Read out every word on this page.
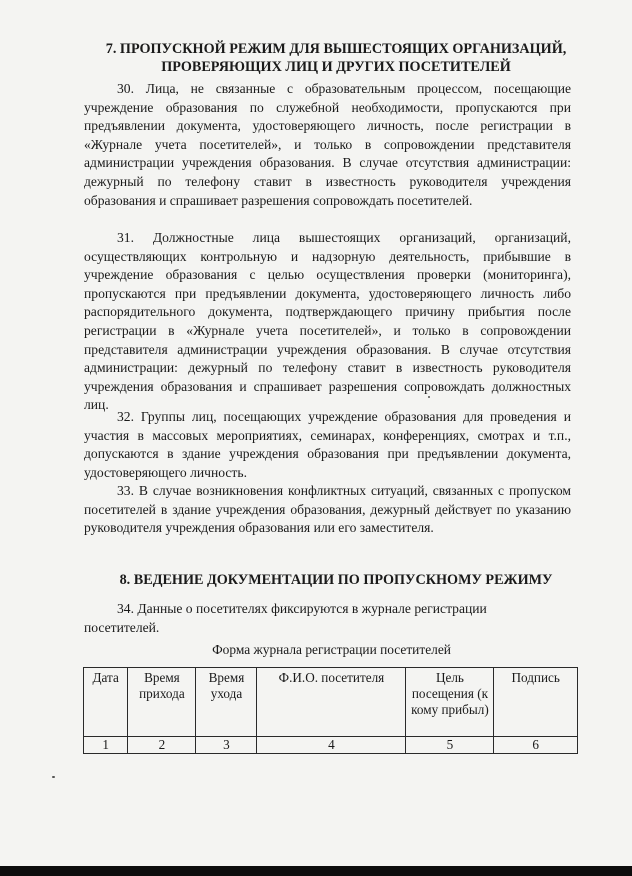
7. ПРОПУСКНОЙ РЕЖИМ ДЛЯ ВЫШЕСТОЯЩИХ ОРГАНИЗАЦИЙ,
ПРОВЕРЯЮЩИХ ЛИЦ И ДРУГИХ ПОСЕТИТЕЛЕЙ

30. Лица, не связанные с образовательным процессом, посещающие учреждение образования по служебной необходимости, пропускаются при предъявлении документа, удостоверяющего личность, после регистрации в «Журнале учета посетителей», и только в сопровождении представителя администрации учреждения образования. В случае отсутствия администрации: дежурный по телефону ставит в известность руководителя учреждения образования и спрашивает разрешения сопровождать посетителей.

31. Должностные лица вышестоящих организаций, организаций, осуществляющих контрольную и надзорную деятельность, прибывшие в учреждение образования с целью осуществления проверки (мониторинга), пропускаются при предъявлении документа, удостоверяющего личность либо распорядительного документа, подтверждающего причину прибытия после регистрации в «Журнале учета посетителей», и только в сопровождении представителя администрации учреждения образования. В случае отсутствия администрации: дежурный по телефону ставит в известность руководителя учреждения образования и спрашивает разрешения сопровождать должностных лиц.

32. Группы лиц, посещающих учреждение образования для проведения и участия в массовых мероприятиях, семинарах, конференциях, смотрах и т.п., допускаются в здание учреждения образования при предъявлении документа, удостоверяющего личность.

33. В случае возникновения конфликтных ситуаций, связанных с пропуском посетителей в здание учреждения образования, дежурный действует по указанию руководителя учреждения образования или его заместителя.

8. ВЕДЕНИЕ ДОКУМЕНТАЦИИ ПО ПРОПУСКНОМУ РЕЖИМУ

34. Данные о посетителях фиксируются в журнале регистрации посетителей.

Форма журнала регистрации посетителей
Дата	Время прихода	Время ухода	Ф.И.О. посетителя	Цель посещения (к кому прибыл)	Подпись
1	2	3	4	5	6
